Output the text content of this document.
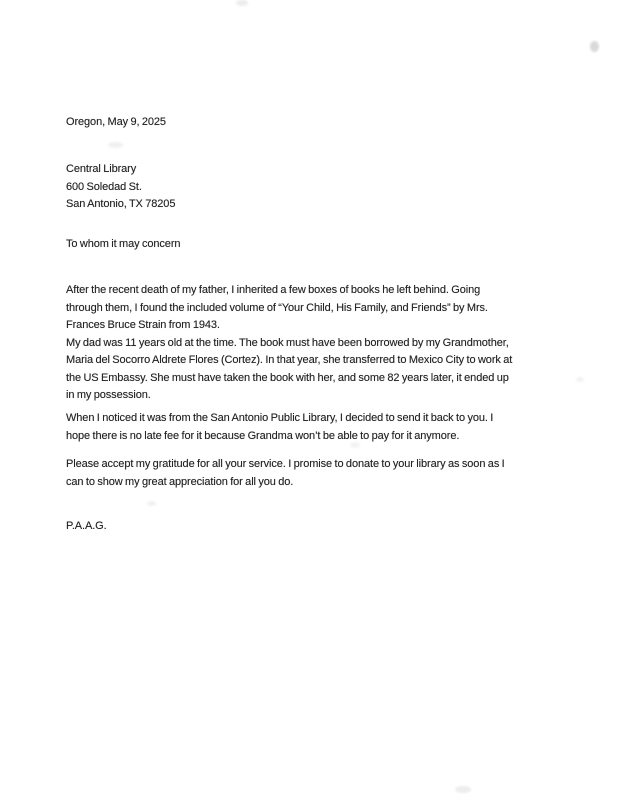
Oregon, May 9, 2025
Central Library
600 Soledad St.
San Antonio, TX 78205
To whom it may concern
After the recent death of my father, I inherited a few boxes of books he left behind. Going
through them, I found the included volume of “Your Child, His Family, and Friends” by Mrs.
Frances Bruce Strain from 1943.
My dad was 11 years old at the time. The book must have been borrowed by my Grandmother,
Maria del Socorro Aldrete Flores (Cortez). In that year, she transferred to Mexico City to work at
the US Embassy. She must have taken the book with her, and some 82 years later, it ended up
in my possession.
When I noticed it was from the San Antonio Public Library, I decided to send it back to you. I
hope there is no late fee for it because Grandma won’t be able to pay for it anymore.
Please accept my gratitude for all your service. I promise to donate to your library as soon as I
can to show my great appreciation for all you do.
P.A.A.G.
